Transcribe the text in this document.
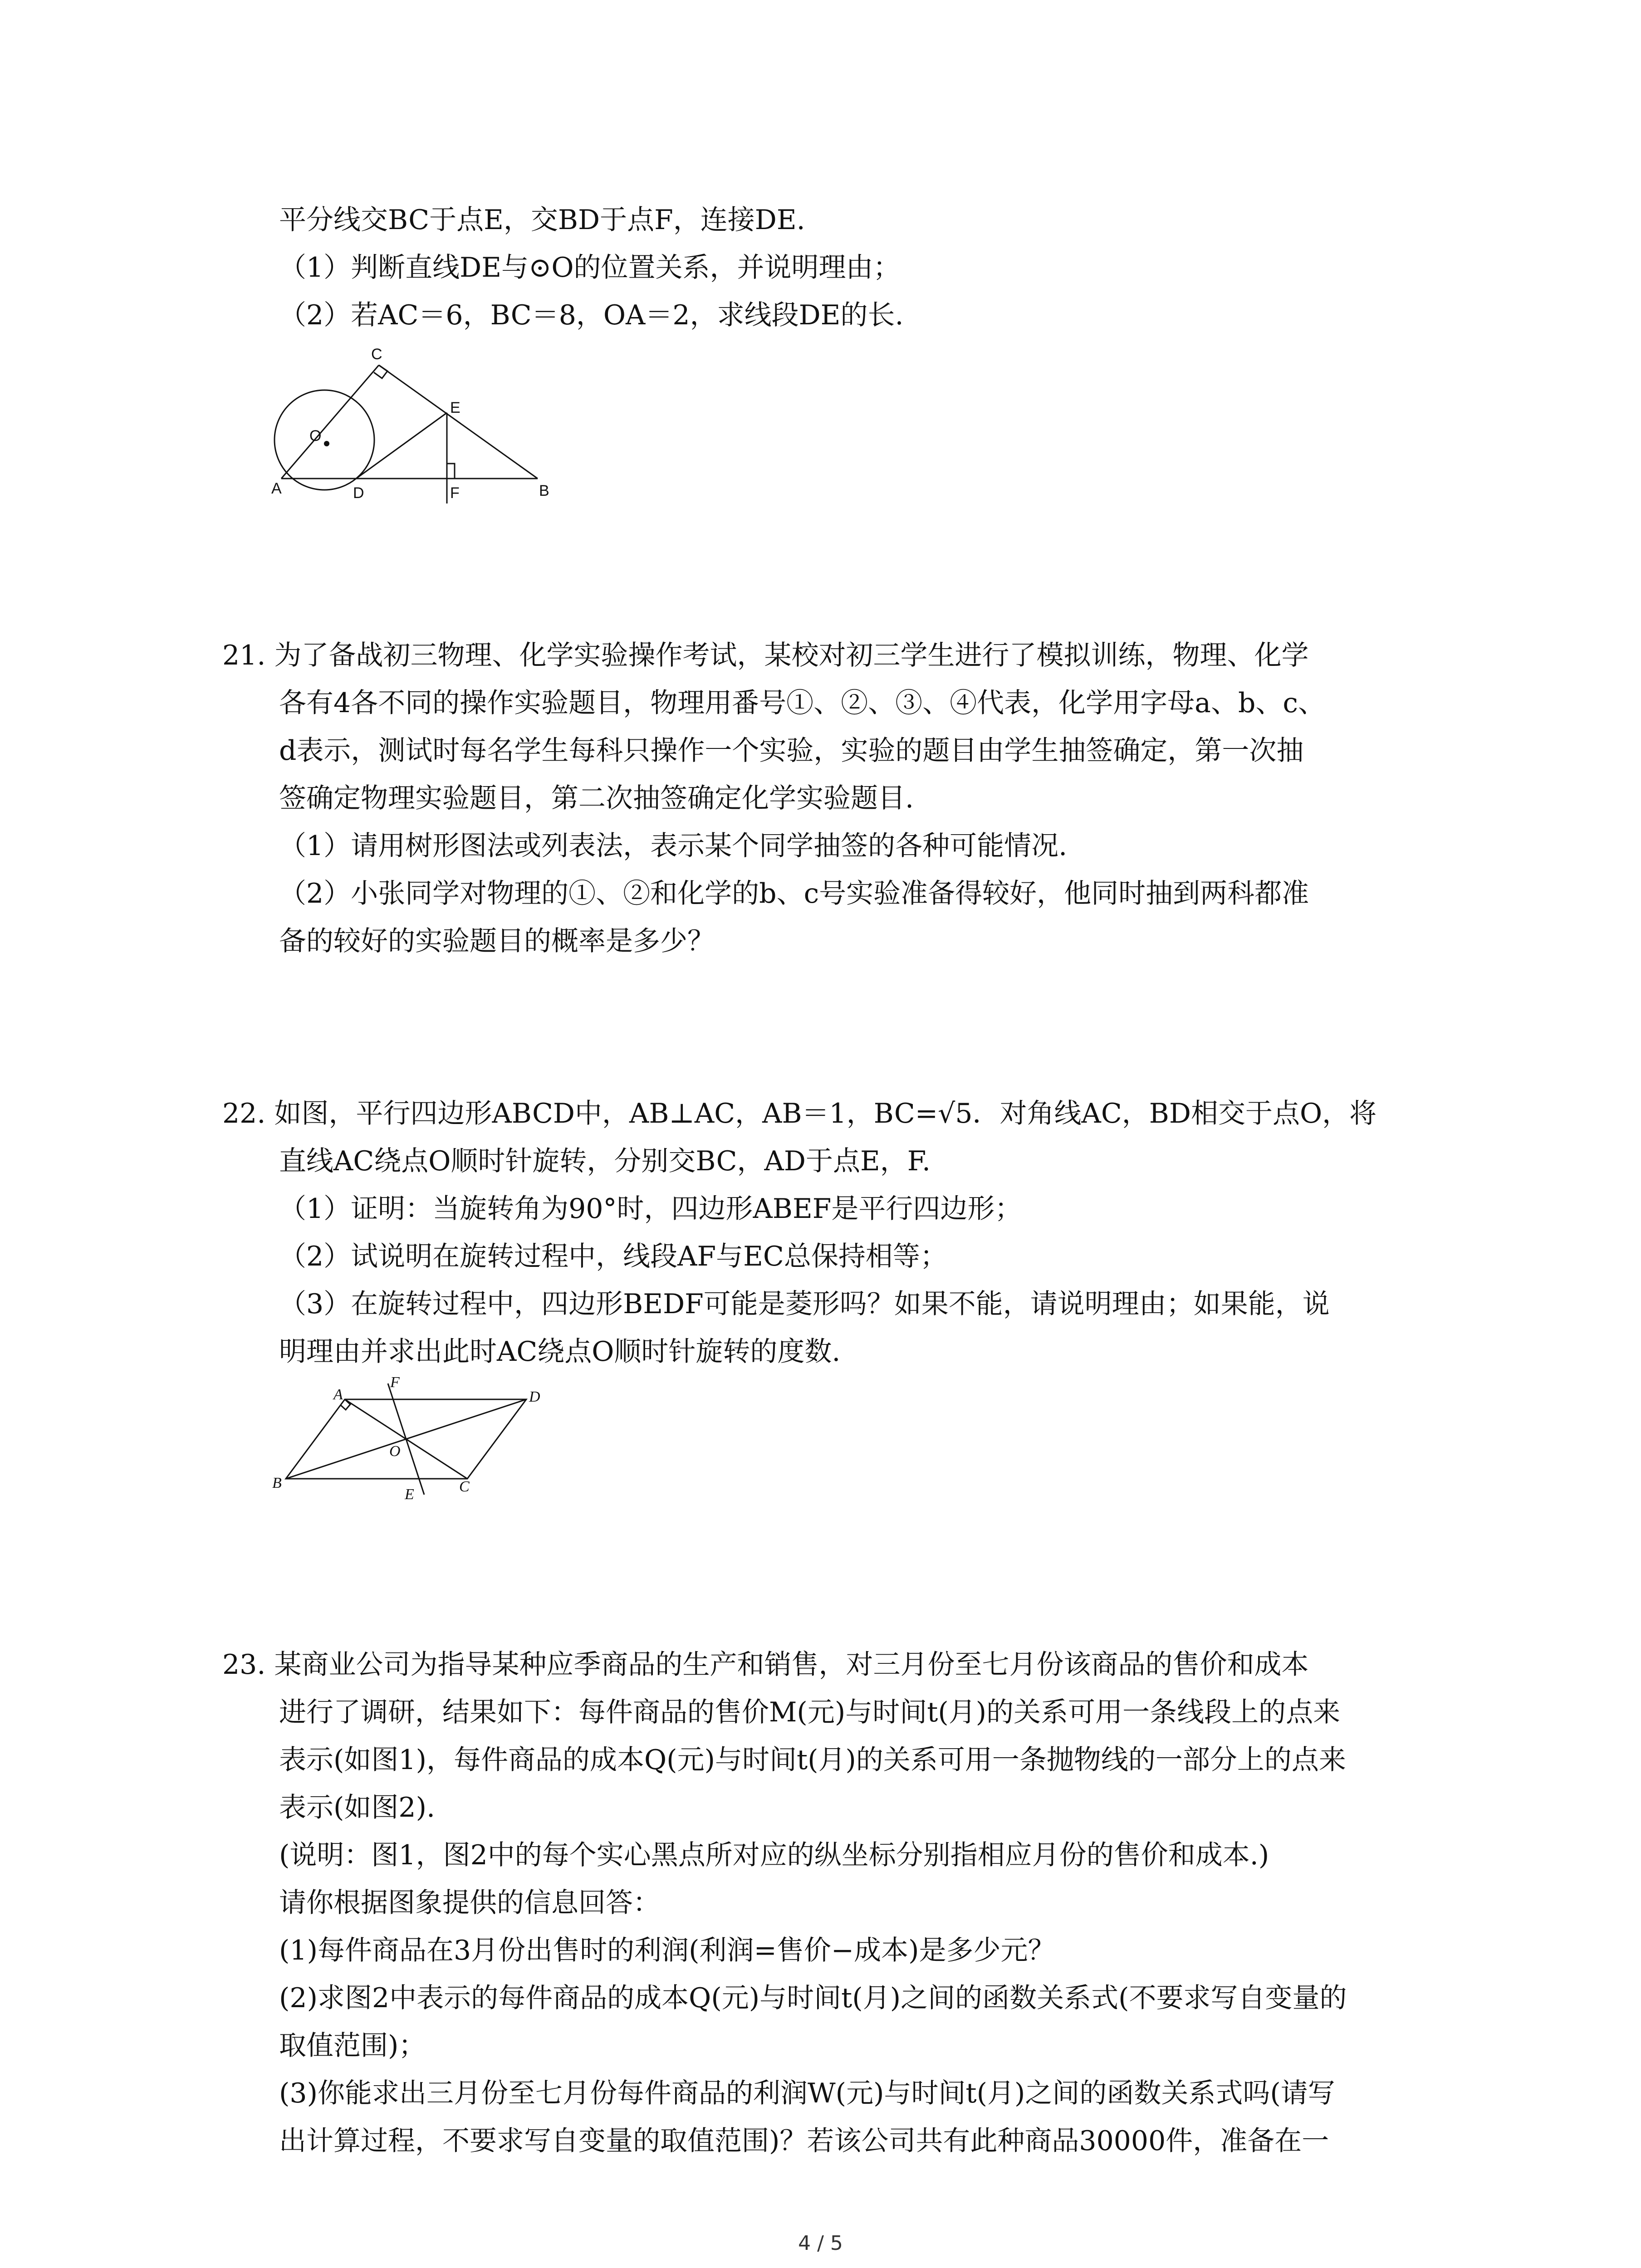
平分线交BC于点E，交BD于点F，连接DE.
（1）判断直线DE与⊙O的位置关系，并说明理由；
（2）若AC＝6，BC＝8，OA＝2，求线段DE的长.
C
O
E
A	D	F	B
21. 为了备战初三物理、化学实验操作考试，某校对初三学生进行了模拟训练，物理、化学
各有4各不同的操作实验题目，物理用番号①、②、③、④代表，化学用字母a、b、c、
d表示，测试时每名学生每科只操作一个实验，实验的题目由学生抽签确定，第一次抽
签确定物理实验题目，第二次抽签确定化学实验题目.
（1）请用树形图法或列表法，表示某个同学抽签的各种可能情况.
（2）小张同学对物理的①、②和化学的b、c号实验准备得较好，他同时抽到两科都准
备的较好的实验题目的概率是多少？
22. 如图，平行四边形ABCD中，AB⊥AC，AB＝1，BC=√5．对角线AC，BD相交于点O，将
直线AC绕点O顺时针旋转，分别交BC，AD于点E，F.
（1）证明：当旋转角为90°时，四边形ABEF是平行四边形；
（2）试说明在旋转过程中，线段AF与EC总保持相等；
（3）在旋转过程中，四边形BEDF可能是菱形吗？如果不能，请说明理由；如果能，说
明理由并求出此时AC绕点O顺时针旋转的度数.
A
F
D
O
B
E	C
23. 某商业公司为指导某种应季商品的生产和销售，对三月份至七月份该商品的售价和成本
进行了调研，结果如下：每件商品的售价M(元)与时间t(月)的关系可用一条线段上的点来
表示(如图1)，每件商品的成本Q(元)与时间t(月)的关系可用一条抛物线的一部分上的点来
表示(如图2).
(说明：图1，图2中的每个实心黑点所对应的纵坐标分别指相应月份的售价和成本.)
请你根据图象提供的信息回答：
(1)每件商品在3月份出售时的利润(利润=售价−成本)是多少元？
(2)求图2中表示的每件商品的成本Q(元)与时间t(月)之间的函数关系式(不要求写自变量的
取值范围)；
(3)你能求出三月份至七月份每件商品的利润W(元)与时间t(月)之间的函数关系式吗(请写
出计算过程，不要求写自变量的取值范围)？若该公司共有此种商品30000件，准备在一
4 / 5
